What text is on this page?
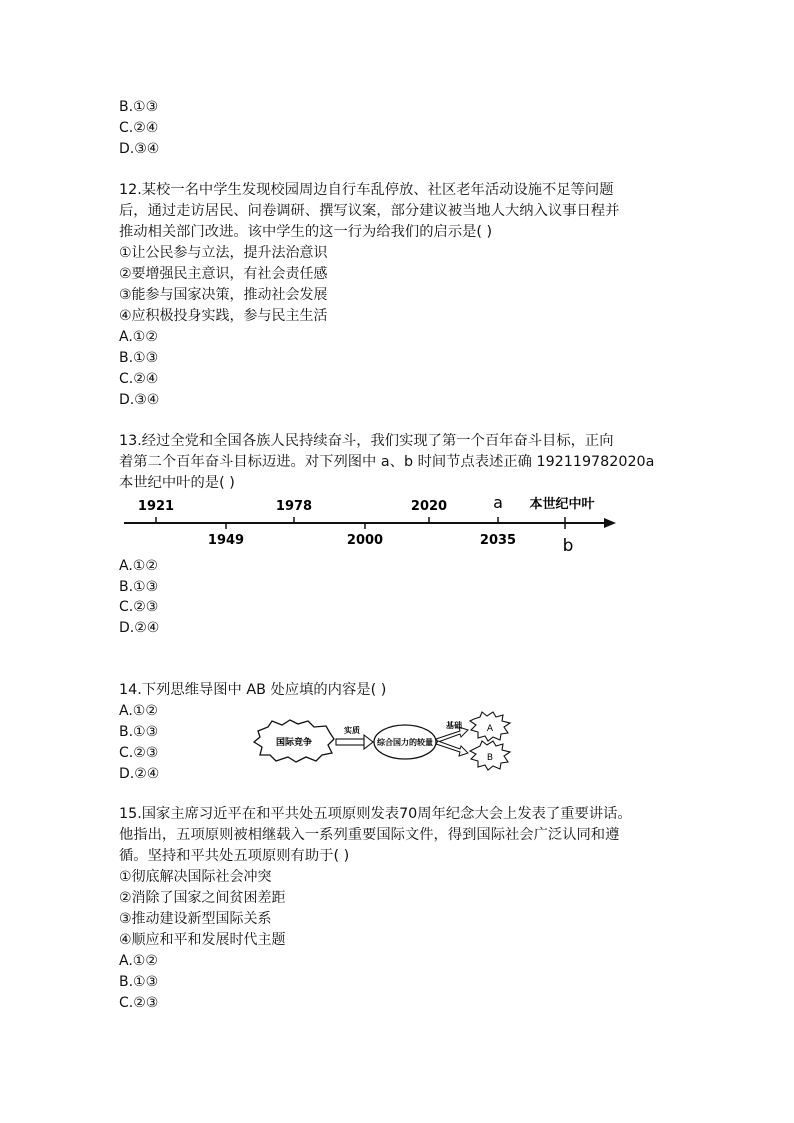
B.①③
C.②④
D.③④
12.某校一名中学生发现校园周边自行车乱停放、社区老年活动设施不足等问题
后，通过走访居民、问卷调研、撰写议案，部分建议被当地人大纳入议事日程并
推动相关部门改进。该中学生的这一行为给我们的启示是( )
①让公民参与立法，提升法治意识
②要增强民主意识，有社会责任感
③能参与国家决策，推动社会发展
④应积极投身实践，参与民主生活
A.①②
B.①③
C.②④
D.③④
13.经过全党和全国各族人民持续奋斗，我们实现了第一个百年奋斗目标，正向
着第二个百年奋斗目标迈进。对下列图中 a、b 时间节点表述正确 192119782020a
本世纪中叶的是( )
1921	1978	2020	a 本世纪中叶
1949	2000	2035	b
A.①②
B.①③
C.②③
D.②④
14.下列思维导图中 AB 处应填的内容是( )
A.①②
B.①③
C.②③
D.②④
国际竞争
实质
综合国力的较量
基础	A
B
15.国家主席习近平在和平共处五项原则发表70周年纪念大会上发表了重要讲话。
他指出，五项原则被相继载入一系列重要国际文件，得到国际社会广泛认同和遵
循。坚持和平共处五项原则有助于( )
①彻底解决国际社会冲突
②消除了国家之间贫困差距
③推动建设新型国际关系
④顺应和平和发展时代主题
A.①②
B.①③
C.②③
